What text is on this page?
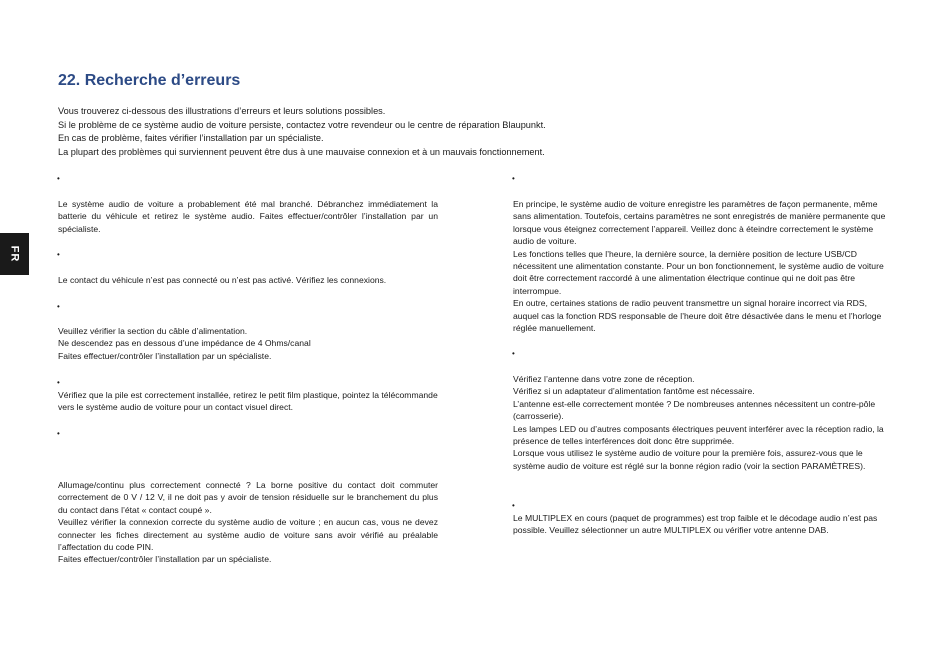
FR
22. Recherche d’erreurs

Vous trouverez ci-dessous des illustrations d’erreurs et leurs solutions possibles.

Si le problème de ce système audio de voiture persiste, contactez votre revendeur ou le centre de réparation Blaupunkt.

En cas de problème, faites vérifier l’installation par un spécialiste.

La plupart des problèmes qui surviennent peuvent être dus à une mauvaise connexion et à un mauvais fonctionnement.

•

Le système audio de voiture a probablement été mal branché. Débranchez immédiatement la batterie du véhicule et retirez le système audio. Faites effectuer/contrôler l’installation par un spécialiste.

•

Le contact du véhicule n’est pas connecté ou n’est pas activé. Vérifiez les connexions.

•

Veuillez vérifier la section du câble d’alimentation.

Ne descendez pas en dessous d’une impédance de 4 Ohms/canal

Faites effectuer/contrôler l’installation par un spécialiste.

•

Vérifiez que la pile est correctement installée, retirez le petit film plastique, pointez la télécommande vers le système audio de voiture pour un contact visuel direct.

•

Allumage/continu plus correctement connecté ? La borne positive du contact doit commuter correctement de 0 V / 12 V, il ne doit pas y avoir de tension résiduelle sur le branchement du plus du contact dans l’état « contact coupé ».

Veuillez vérifier la connexion correcte du système audio de voiture ; en aucun cas, vous ne devez connecter les fiches directement au système audio de voiture sans avoir vérifié au préalable l’affectation du code PIN.

Faites effectuer/contrôler l’installation par un spécialiste.

•

En principe, le système audio de voiture enregistre les paramètres de façon permanente, même sans alimentation. Toutefois, certains paramètres ne sont enregistrés de manière permanente que lorsque vous éteignez correctement l’appareil. Veillez donc à éteindre correctement le système audio de voiture.

Les fonctions telles que l’heure, la dernière source, la dernière position de lecture USB/CD nécessitent une alimentation constante. Pour un bon fonctionnement, le système audio de voiture doit être correctement raccordé à une alimentation électrique continue qui ne doit pas être interrompue.

En outre, certaines stations de radio peuvent transmettre un signal horaire incorrect via RDS, auquel cas la fonction RDS responsable de l’heure doit être désactivée dans le menu et l’horloge réglée manuellement.

•

Vérifiez l’antenne dans votre zone de réception.

Vérifiez si un adaptateur d’alimentation fantôme est nécessaire.

L’antenne est-elle correctement montée ? De nombreuses antennes nécessitent un contre-pôle (carrosserie).

Les lampes LED ou d’autres composants électriques peuvent interférer avec la réception radio, la présence de telles interférences doit donc être supprimée.

Lorsque vous utilisez le système audio de voiture pour la première fois, assurez-vous que le système audio de voiture est réglé sur la bonne région radio (voir la section PARAMÈTRES).

•

Le MULTIPLEX en cours (paquet de programmes) est trop faible et le décodage audio n’est pas possible. Veuillez sélectionner un autre MULTIPLEX ou vérifier votre antenne DAB.
